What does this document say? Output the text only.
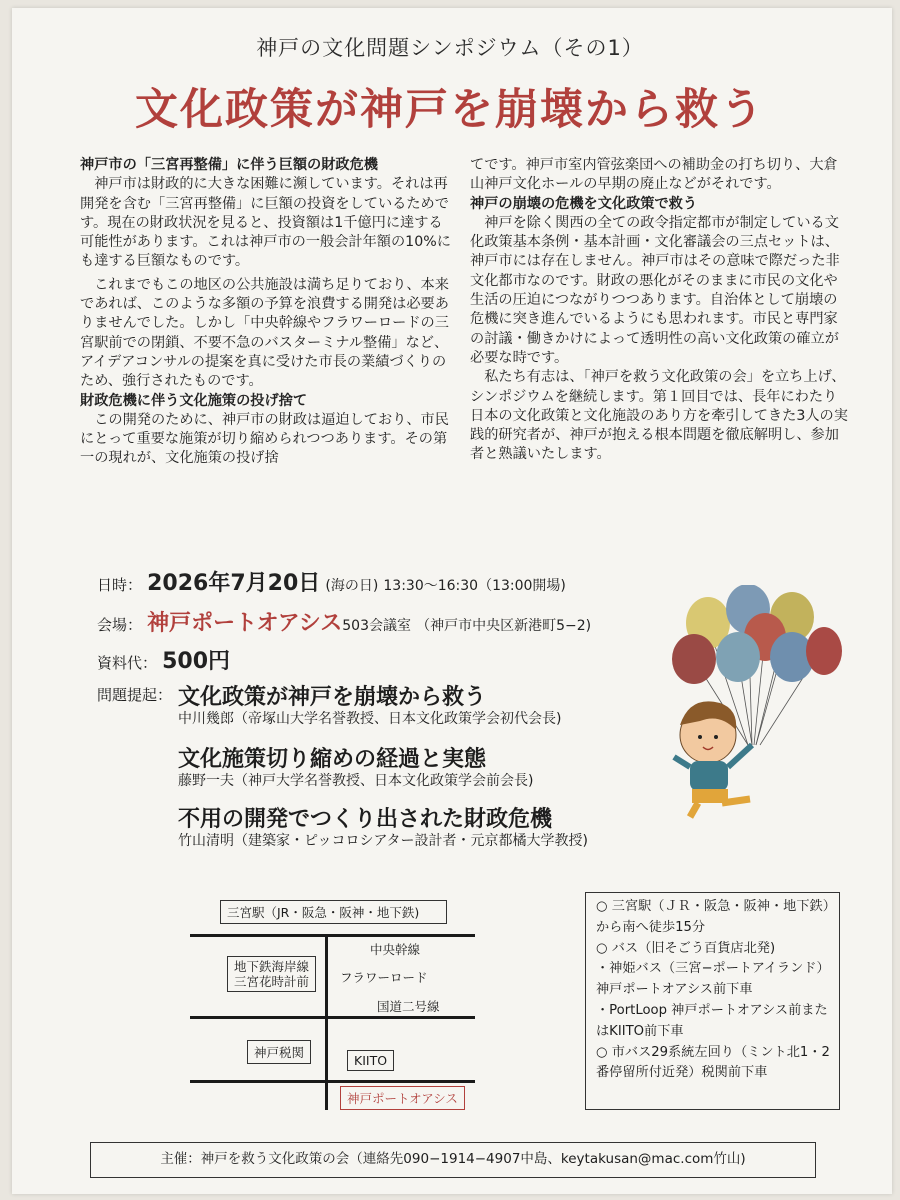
神戸の文化問題シンポジウム（その1）
文化政策が神戸を崩壊から救う
神戸市の「三宮再整備」に伴う巨額の財政危機

神戸市は財政的に大きな困難に瀕しています。それは再開発を含む「三宮再整備」に巨額の投資をしているためです。現在の財政状況を見ると、投資額は1千億円に達する可能性があります。これは神戸市の一般会計年額の10%にも達する巨額なものです。

これまでもこの地区の公共施設は満ち足りており、本来であれば、このような多額の予算を浪費する開発は必要ありませんでした。しかし「中央幹線やフラワーロードの三宮駅前での閉鎖、不要不急のバスターミナル整備」など、アイデアコンサルの提案を真に受けた市長の業績づくりのため、強行されたものです。

財政危機に伴う文化施策の投げ捨て

この開発のために、神戸市の財政は逼迫しており、市民にとって重要な施策が切り縮められつつあります。その第一の現れが、文化施策の投げ捨

てです。神戸市室内管弦楽団への補助金の打ち切り、大倉山神戸文化ホールの早期の廃止などがそれです。

神戸の崩壊の危機を文化政策で救う

神戸を除く関西の全ての政令指定都市が制定している文化政策基本条例・基本計画・文化審議会の三点セットは、神戸市には存在しません。神戸市はその意味で際だった非文化都市なのです。財政の悪化がそのままに市民の文化や生活の圧迫につながりつつあります。自治体として崩壊の危機に突き進んでいるようにも思われます。市民と専門家の討議・働きかけによって透明性の高い文化政策の確立が必要な時です。

私たち有志は、「神戸を救う文化政策の会」を立ち上げ、シンポジウムを継続します。第１回目では、長年にわたり日本の文化政策と文化施設のあり方を牽引してきた3人の実践的研究者が、神戸が抱える根本問題を徹底解明し、参加者と熟議いたします。

日時： 2026年7月20日 (海の日) 13:30〜16:30（13:00開場)
会場： 神戸ポートオアシス503会議室 （神戸市中央区新港町5−2)
資料代： 500円
問題提起： 文化政策が神戸を崩壊から救う
中川幾郎（帝塚山大学名誉教授、日本文化政策学会初代会長)
文化施策切り縮めの経過と実態
藤野一夫（神戸大学名誉教授、日本文化政策学会前会長)
不用の開発でつくり出された財政危機
竹山清明（建築家・ピッコロシアター設計者・元京都橘大学教授)
三宮駅（JR・阪急・阪神・地下鉄)
中央幹線
地下鉄海岸線
三宮花時計前	フラワーロード
国道二号線
神戸税関
KIITO
神戸ポートオアシス

○ 三宮駅（ＪＲ・阪急・阪神・地下鉄）から南へ徒歩15分

○ バス（旧そごう百貨店北発)

・神姫バス（三宮−ポートアイランド）神戸ポートオアシス前下車

・PortLoop 神戸ポートオアシス前またはKIITO前下車

○ 市バス29系統左回り（ミント北1・2番停留所付近発）税関前下車

主催：神戸を救う文化政策の会（連絡先090−1914−4907中島、keytakusan@mac.com竹山)
